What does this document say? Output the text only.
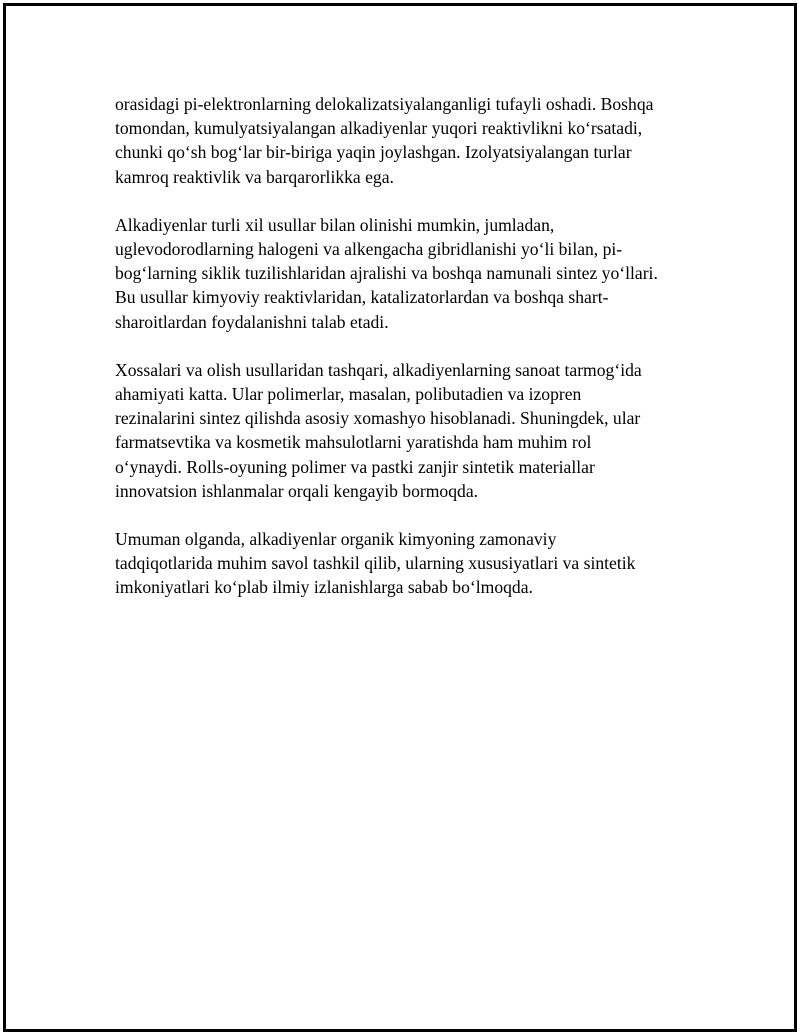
orasidagi pi-elektronlarning delokalizatsiyalanganligi tufayli oshadi. Boshqa
tomondan, kumulyatsiyalangan alkadiyenlar yuqori reaktivlikni ko‘rsatadi,
chunki qo‘sh bog‘lar bir-biriga yaqin joylashgan. Izolyatsiyalangan turlar
kamroq reaktivlik va barqarorlikka ega.

Alkadiyenlar turli xil usullar bilan olinishi mumkin, jumladan,
uglevodorodlarning halogeni va alkengacha gibridlanishi yo‘li bilan, pi-
bog‘larning siklik tuzilishlaridan ajralishi va boshqa namunali sintez yo‘llari.
Bu usullar kimyoviy reaktivlaridan, katalizatorlardan va boshqa shart-
sharoitlardan foydalanishni talab etadi.

Xossalari va olish usullaridan tashqari, alkadiyenlarning sanoat tarmog‘ida
ahamiyati katta. Ular polimerlar, masalan, polibutadien va izopren
rezinalarini sintez qilishda asosiy xomashyo hisoblanadi. Shuningdek, ular
farmatsevtika va kosmetik mahsulotlarni yaratishda ham muhim rol
o‘ynaydi. Rolls-oyuning polimer va pastki zanjir sintetik materiallar
innovatsion ishlanmalar orqali kengayib bormoqda.

Umuman olganda, alkadiyenlar organik kimyoning zamonaviy
tadqiqotlarida muhim savol tashkil qilib, ularning xususiyatlari va sintetik
imkoniyatlari ko‘plab ilmiy izlanishlarga sabab bo‘lmoqda.
